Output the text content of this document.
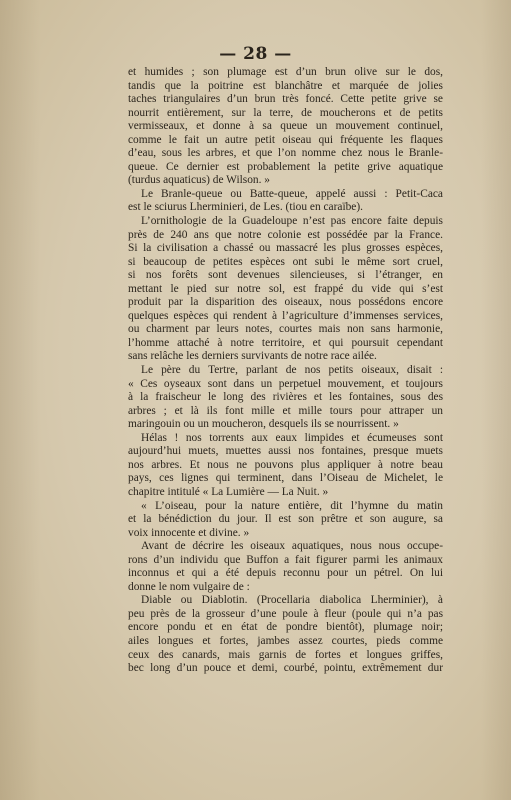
— 28 —
et humides ; son plumage est d’un brun olive sur le dos,
tandis que la poitrine est blanchâtre et marquée de jolies
taches triangulaires d’un brun très foncé. Cette petite grive se
nourrit entièrement, sur la terre, de moucherons et de petits
vermisseaux, et donne à sa queue un mouvement continuel,
comme le fait un autre petit oiseau qui fréquente les flaques
d’eau, sous les arbres, et que l’on nomme chez nous le Branle-
queue. Ce dernier est probablement la petite grive aquatique
(turdus aquaticus) de Wilson. »
Le Branle-queue ou Batte-queue, appelé aussi : Petit-Caca
est le sciurus Lherminieri, de Les. (tiou en caraïbe).
L’ornithologie de la Guadeloupe n’est pas encore faite depuis
près de 240 ans que notre colonie est possédée par la France.
Si la civilisation a chassé ou massacré les plus grosses espèces,
si beaucoup de petites espèces ont subi le même sort cruel,
si nos forêts sont devenues silencieuses, si l’étranger, en
mettant le pied sur notre sol, est frappé du vide qui s’est
produit par la disparition des oiseaux, nous possédons encore
quelques espèces qui rendent à l’agriculture d’immenses services,
ou charment par leurs notes, courtes mais non sans harmonie,
l’homme attaché à notre territoire, et qui poursuit cependant
sans relâche les derniers survivants de notre race ailée.
Le père du Tertre, parlant de nos petits oiseaux, disait :
« Ces oyseaux sont dans un perpetuel mouvement, et toujours
à la fraischeur le long des rivières et les fontaines, sous des
arbres ; et là ils font mille et mille tours pour attraper un
maringouin ou un moucheron, desquels ils se nourrissent. »
Hélas ! nos torrents aux eaux limpides et écumeuses sont
aujourd’hui muets, muettes aussi nos fontaines, presque muets
nos arbres. Et nous ne pouvons plus appliquer à notre beau
pays, ces lignes qui terminent, dans l’Oiseau de Michelet, le
chapitre intitulé « La Lumière — La Nuit. »
« L’oiseau, pour la nature entière, dit l’hymne du matin
et la bénédiction du jour. Il est son prêtre et son augure, sa
voix innocente et divine. »
Avant de décrire les oiseaux aquatiques, nous nous occupe-
rons d’un individu que Buffon a fait figurer parmi les animaux
inconnus et qui a été depuis reconnu pour un pétrel. On lui
donne le nom vulgaire de :
Diable ou Diablotin. (Procellaria diabolica Lherminier), à
peu près de la grosseur d’une poule à fleur (poule qui n’a pas
encore pondu et en état de pondre bientôt), plumage noir;
ailes longues et fortes, jambes assez courtes, pieds comme
ceux des canards, mais garnis de fortes et longues griffes,
bec long d’un pouce et demi, courbé, pointu, extrêmement dur
